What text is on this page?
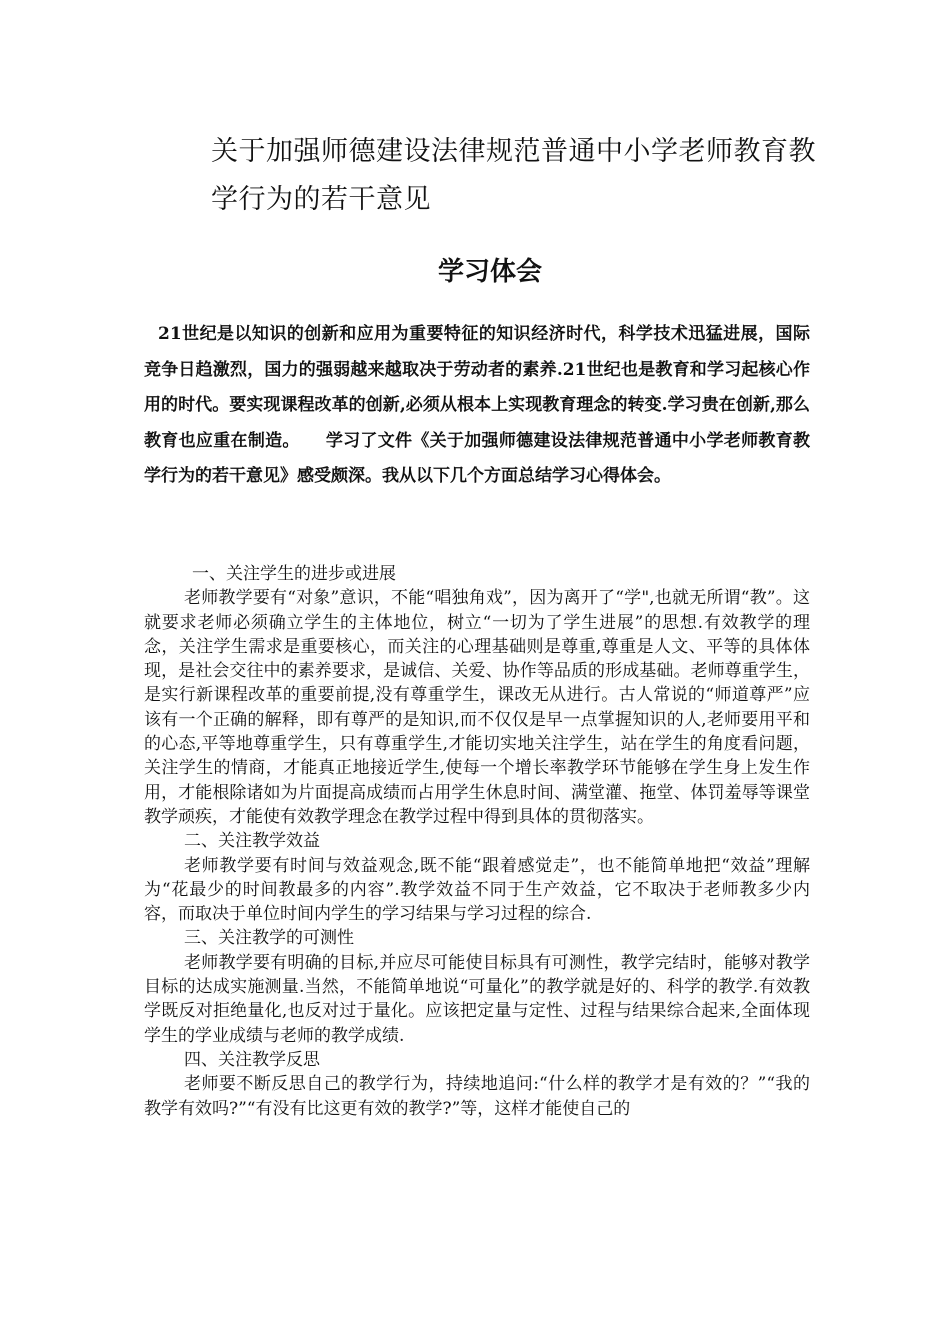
关于加强师德建设法律规范普通中小学老师教育教学行为的若干意见
学习体会

21世纪是以知识的创新和应用为重要特征的知识经济时代，科学技术迅猛进展，国际竞争日趋激烈，国力的强弱越来越取决于劳动者的素养.21世纪也是教育和学习起核心作用的时代。要实现课程改革的创新,必须从根本上实现教育理念的转变.学习贵在创新,那么教育也应重在制造。　　学习了文件《关于加强师德建设法律规范普通中小学老师教育教学行为的若干意见》感受颇深。我从以下几个方面总结学习心得体会。

一、关注学生的进步或进展

老师教学要有“对象”意识，不能“唱独角戏”，因为离开了“学",也就无所谓“教”。这就要求老师必须确立学生的主体地位，树立“一切为了学生进展”的思想.有效教学的理念，关注学生需求是重要核心，而关注的心理基础则是尊重,尊重是人文、平等的具体体现，是社会交往中的素养要求，是诚信、关爱、协作等品质的形成基础。老师尊重学生，是实行新课程改革的重要前提,没有尊重学生，课改无从进行。古人常说的“师道尊严”应该有一个正确的解释，即有尊严的是知识,而不仅仅是早一点掌握知识的人,老师要用平和的心态,平等地尊重学生，只有尊重学生,才能切实地关注学生，站在学生的角度看问题，关注学生的情商，才能真正地接近学生,使每一个增长率教学环节能够在学生身上发生作用，才能根除诸如为片面提高成绩而占用学生休息时间、满堂灌、拖堂、体罚羞辱等课堂教学顽疾，才能使有效教学理念在教学过程中得到具体的贯彻落实。

二、关注教学效益

老师教学要有时间与效益观念,既不能“跟着感觉走”，也不能简单地把“效益”理解为“花最少的时间教最多的内容”.教学效益不同于生产效益，它不取决于老师教多少内容，而取决于单位时间内学生的学习结果与学习过程的综合.

三、关注教学的可测性

老师教学要有明确的目标,并应尽可能使目标具有可测性，教学完结时，能够对教学目标的达成实施测量.当然，不能简单地说“可量化”的教学就是好的、科学的教学.有效教学既反对拒绝量化,也反对过于量化。应该把定量与定性、过程与结果综合起来,全面体现学生的学业成绩与老师的教学成绩.

四、关注教学反思

老师要不断反思自己的教学行为，持续地追问:“什么样的教学才是有效的？”“我的教学有效吗?”“有没有比这更有效的教学?”等，这样才能使自己的
